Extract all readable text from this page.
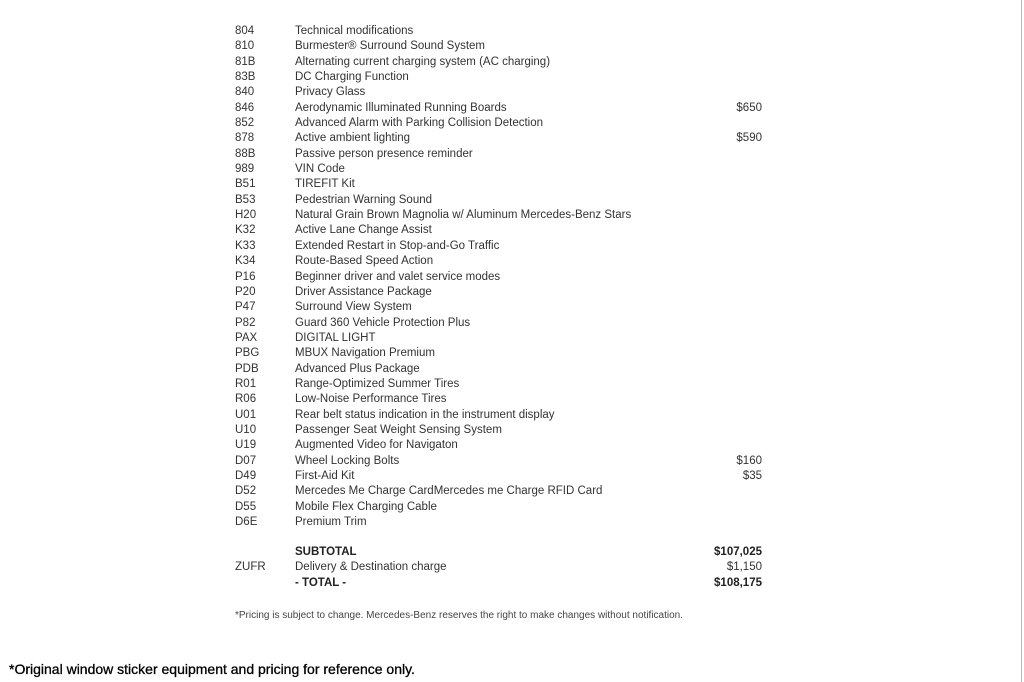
804	Technical modifications
810	Burmester® Surround Sound System
81B	Alternating current charging system (AC charging)
83B	DC Charging Function
840	Privacy Glass
846	Aerodynamic Illuminated Running Boards	$650
852	Advanced Alarm with Parking Collision Detection
878	Active ambient lighting	$590
88B	Passive person presence reminder
989	VIN Code
B51	TIREFIT Kit
B53	Pedestrian Warning Sound
H20	Natural Grain Brown Magnolia w/ Aluminum Mercedes-Benz Stars
K32	Active Lane Change Assist
K33	Extended Restart in Stop-and-Go Traffic
K34	Route-Based Speed Action
P16	Beginner driver and valet service modes
P20	Driver Assistance Package
P47	Surround View System
P82	Guard 360 Vehicle Protection Plus
PAX	DIGITAL LIGHT
PBG	MBUX Navigation Premium
PDB	Advanced Plus Package
R01	Range-Optimized Summer Tires
R06	Low-Noise Performance Tires
U01	Rear belt status indication in the instrument display
U10	Passenger Seat Weight Sensing System
U19	Augmented Video for Navigaton
D07	Wheel Locking Bolts	$160
D49	First-Aid Kit	$35
D52	Mercedes Me Charge CardMercedes me Charge RFID Card
D55	Mobile Flex Charging Cable
D6E	Premium Trim
SUBTOTAL	$107,025
ZUFR	Delivery & Destination charge	$1,150
- TOTAL -	$108,175
*Pricing is subject to change. Mercedes-Benz reserves the right to make changes without notification.
*Original window sticker equipment and pricing for reference only.
